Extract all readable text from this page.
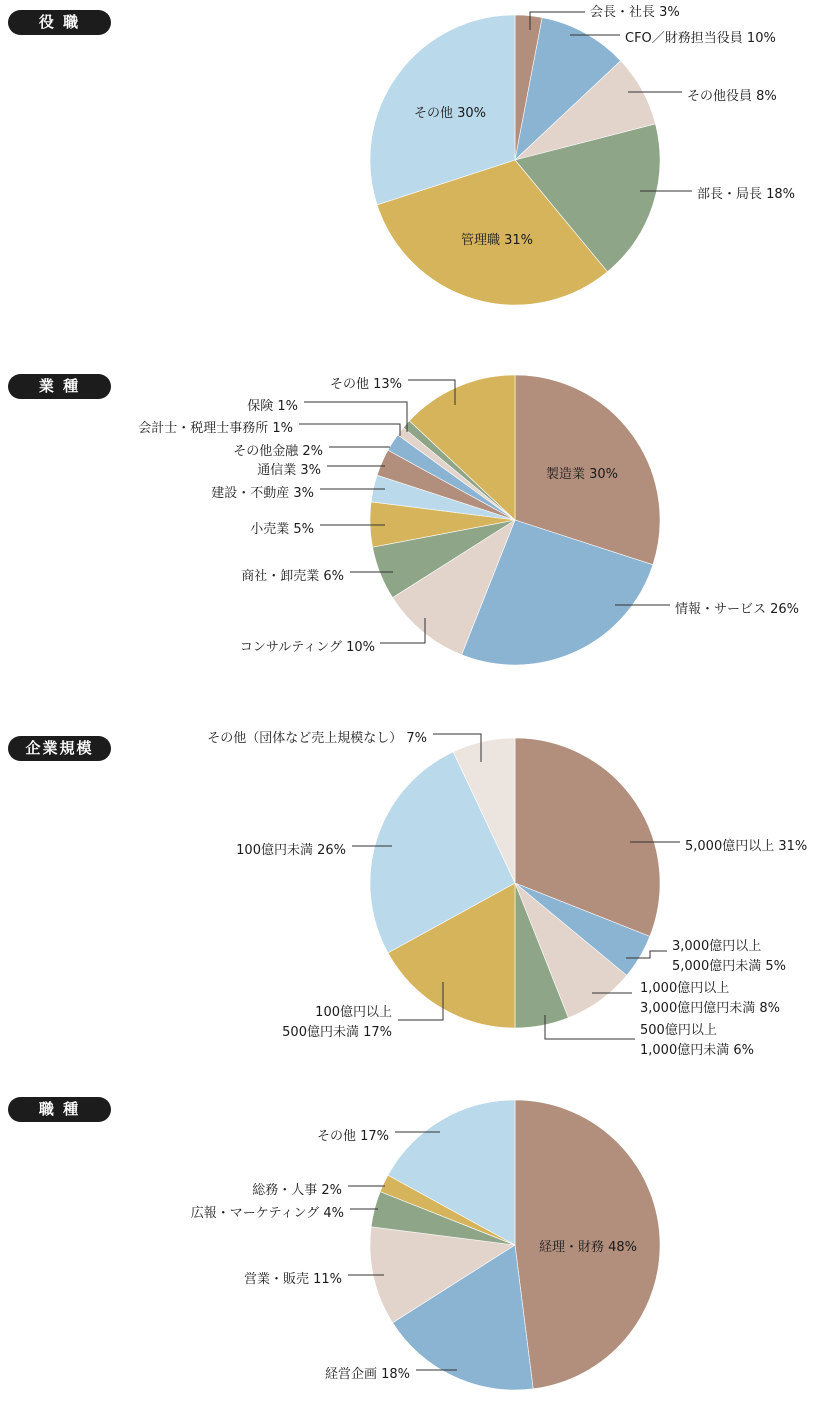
役 職
会長・社長 3%
CFO／財務担当役員 10%
その他役員 8%
部長・局長 18%
管理職 31%
その他 30%
業 種
製造業 30%
情報・サービス 26%
コンサルティング 10%
商社・卸売業 6%
小売業 5%
建設・不動産 3%
通信業 3%
その他金融 2%
会計士・税理士事務所 1%
保険 1%
その他 13%
企業規模
5,000億円以上 31%
3,000億円以上 5,000億円未満 5%
1,000億円以上 3,000億円億円未満 8%
500億円以上 1,000億円未満 6%
100億円以上 500億円未満 17%
100億円未満 26%
その他（団体など売上規模なし） 7%
職 種
経理・財務 48%
経営企画 18%
営業・販売 11%
広報・マーケティング 4%
総務・人事 2%
その他 17%
